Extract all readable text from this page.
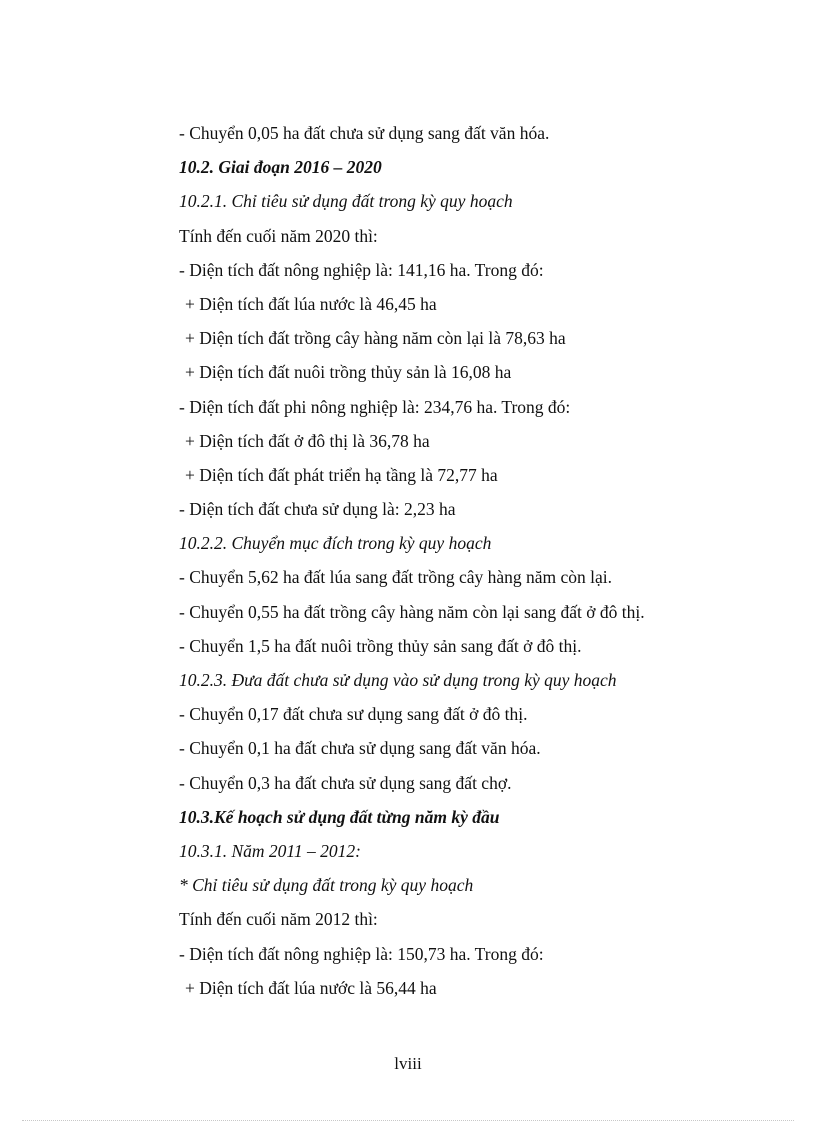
- Chuyển 0,05 ha đất chưa sử dụng sang đất văn hóa.
10.2. Giai đoạn 2016 – 2020
10.2.1. Chỉ tiêu sử dụng đất trong kỳ quy hoạch
Tính đến cuối năm 2020 thì:
- Diện tích đất nông nghiệp là: 141,16 ha. Trong đó:
+ Diện tích đất lúa nước là 46,45 ha
+ Diện tích đất trồng cây hàng năm còn lại là 78,63 ha
+ Diện tích đất nuôi trồng thủy sản là 16,08 ha
- Diện tích đất phi nông nghiệp là: 234,76 ha. Trong đó:
+ Diện tích đất ở đô thị là 36,78 ha
+ Diện tích đất phát triển hạ tầng là 72,77 ha
- Diện tích đất chưa sử dụng là: 2,23 ha
10.2.2. Chuyển mục đích trong kỳ quy hoạch
- Chuyển 5,62 ha đất lúa sang đất trồng cây hàng năm còn lại.
- Chuyển 0,55 ha đất trồng cây hàng năm còn lại sang đất ở đô thị.
- Chuyển 1,5 ha đất nuôi trồng thủy sản sang đất ở đô thị.
10.2.3. Đưa đất chưa sử dụng vào sử dụng trong kỳ quy hoạch
- Chuyển 0,17 đất chưa sư dụng sang đất ở đô thị.
- Chuyển 0,1 ha đất chưa sử dụng sang đất văn hóa.
- Chuyển 0,3 ha đất chưa sử dụng sang đất chợ.
10.3.Kế hoạch sử dụng đất từng năm kỳ đầu
10.3.1. Năm 2011 – 2012:
* Chỉ tiêu sử dụng đất trong kỳ quy hoạch
Tính đến cuối năm 2012 thì:
- Diện tích đất nông nghiệp là: 150,73 ha. Trong đó:
+ Diện tích đất lúa nước là 56,44 ha
lviii
